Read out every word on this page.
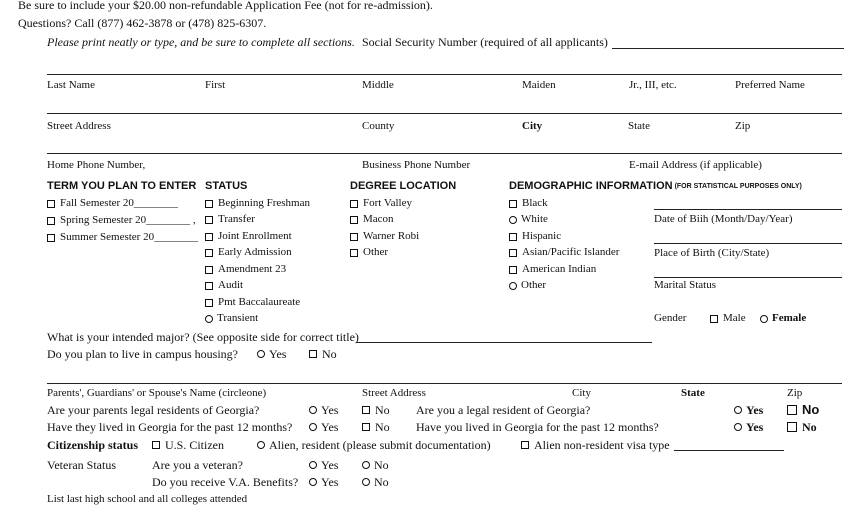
Be sure to include your $20.00 non-refundable Application Fee (not for re-admission).
Questions? Call (877) 462-3878 or (478) 825-6307.
Please print neatly or type, and be sure to complete all sections. Social Security Number (required of all applicants)
Last Name	First	Middle	Maiden	Jr., III, etc.	Preferred Name
Street Address	County	City	State	Zip
Home Phone Number,	Business Phone Number	E-mail Address (if applicable)
TERM YOU PLAN TO ENTER
Fall Semester 20________
Spring Semester 20________ ,
Summer Semester 20________
STATUS
Beginning Freshman
Transfer
Joint Enrollment
Early Admission
Amendment 23
Audit
Pmt Baccalaureate
Transient
DEGREE LOCATION
Fort Valley
Macon
Warner Robi
Other
DEMOGRAPHIC INFORMATION (FOR STATISTICAL PURPOSES ONLY)
Black
White
Hispanic
Asian/Pacific Islander
American Indian
Other
Date of Biih (Month/Day/Year)
Place of Birth (City/State)
Marital Status
Gender	Male Female
What is your intended major? (See opposite side for correct title)
Do you plan to live in campus housing?	Yes	No
Parents', Guardians' or Spouse's Name (circleone)	Street Address	City	State	Zip
Are your parents legal residents of Georgia?	Yes	No Are you a legal resident of Georgia?	Yes	No
Have they lived in Georgia for the past 12 months? Yes	No Have you lived in Georgia for the past 12 months?	Yes	No
Citizenship status U.S. Citizen	Alien, resident (please submit documentation)	Alien non-resident visa type
Veteran Status	Are you a veteran?	Yes	No
Do you receive V.A. Benefits? Yes	No
List last high school and all colleges attended
